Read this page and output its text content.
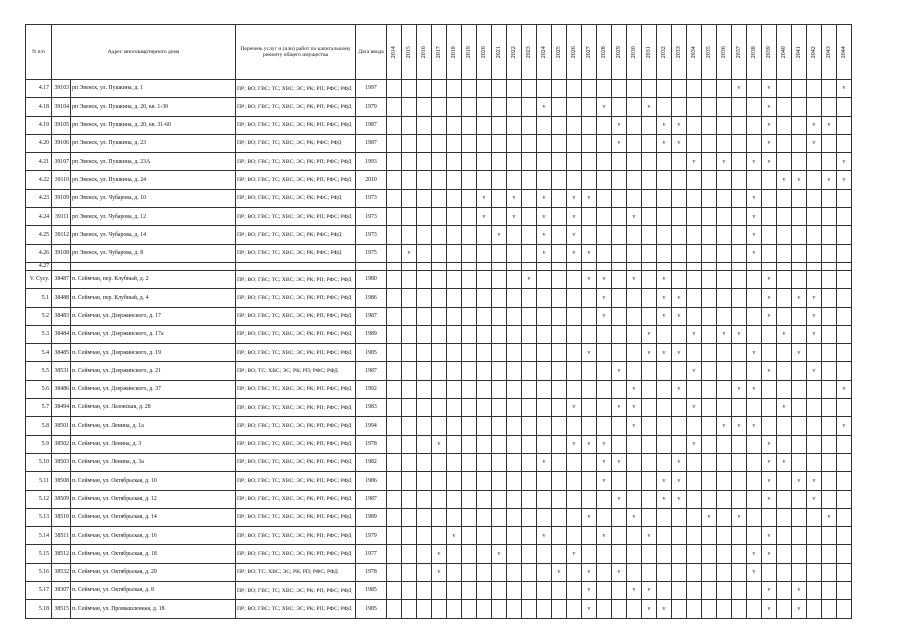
N п/п	Адрес многоквартирного дома		Перечень услуг и (или) работ по капитальному ремонту общего имущества	Дата ввода	2014	2015	2016	2017	2018	2019	2020	2021	2022	2023	2024	2025	2026	2027	2028	2029	2030	2031	2032	2033	2034	2035	2036	2037	2038	2039	2040	2041	2042	2043	2044
4.17	39103	рп Эвенск, ул. Пушкина, д. 1	ПР; ВО; ГВС; ТС; ХВС; ЭС; РК; РП; РФС; РФД	1997																								v		v					v
4.18	39104	рп Эвенск, ул. Пушкина, д. 20, кв. 1-30	ПР; ВО; ГВС; ТС; ХВС; ЭС; РК; РП; РФС; РФД	1979											v				v			v								v					
4.19	39105	рп Эвенск, ул. Пушкина, д. 20, кв. 31-60	ПР; ВО; ГВС; ТС; ХВС; ЭС; РК; РП; РФС; РФД	1987																v			v	v						v			v	v	
4.20	39106	рп Эвенск, ул. Пушкина, д. 23	ПР; ВО; ГВС; ТС; ХВС; ЭС; РК; РФС; РФД	1987																v			v	v						v			v		
4.21	39107	рп Эвенск, ул. Пушкина, д. 23А	ПР; ВО; ГВС; ТС; ХВС; ЭС; РК; РП; РФС; РФД	1993																					v		v		v	v					v
4.22	39110	рп Эвенск, ул. Пушкина, д. 24	ПР; ВО; ГВС; ТС; ХВС; ЭС; РК; РП; РФС; РФД	2010																											v	v		v	v
4.23	39109	рп Эвенск, ул. Чубарова, д. 10	ПР; ВО; ГВС; ТС; ХВС; ЭС; РК; РФС; РФД	1973							v		v		v		v	v											v						
4.24	39111	рп Эвенск, ул. Чубарова, д. 12	ПР; ВО; ГВС; ТС; ХВС; ЭС; РК; РП; РФС; РФД	1973							v		v		v		v				v								v						
4.25	39112	рп Эвенск, ул. Чубарова, д. 14	ПР; ВО; ГВС; ТС; ХВС; ЭС; РК; РФС; РФД	1973								v			v		v												v						
4.26	39108	рп Эвенск, ул. Чубарова, д. 8	ПР; ВО; ГВС; ТС; ХВС; ЭС; РК; РФС; РФД	1975		v									v		v	v											v						
4.27																																			
V. Сусу.	38487	п. Сеймчан, пер. Клубный, д. 2	ПР; ВО; ГВС; ТС; ХВС; ЭС; РК; РП; РФС; РФД	1980										v				v	v		v		v							v					
5.1	38488	п. Сеймчан, пер. Клубный, д. 4	ПР; ВО; ГВС; ТС; ХВС; ЭС; РК; РП; РФС; РФД	1986															v				v	v						v		v	v		
5.2	38483	п. Сеймчан, ул. Дзержинского, д. 17	ПР; ВО; ГВС; ТС; ХВС; ЭС; РК; РП; РФС; РФД	1987															v				v	v						v			v		
5.3	38484	п. Сеймчан, ул. Дзержинского, д. 17а	ПР; ВО; ГВС; ТС; ХВС; ЭС; РК; РП; РФС; РФД	1989																		v			v		v	v			v		v		
5.4	38485	п. Сеймчан, ул. Дзержинского, д. 19	ПР; ВО; ГВС; ТС; ХВС; ЭС; РК; РП; РФС; РФД	1985														v				v	v	v					v			v			
5.5	38531	п. Сеймчан, ул. Дзержинского, д. 21	ПР; ВО; ТС; ХВС; ЭС; РК; РП; РФС; РФД	1987																v					v					v			v		
5.6	38486	п. Сеймчан, ул. Дзержинского, д. 37	ПР; ВО; ГВС; ТС; ХВС; ЭС; РК; РП; РФС; РФД	1992																	v			v				v	v						v
5.7	38494	п. Сеймчан, ул. Лазовская, д. 28	ПР; ВО; ГВС; ТС; ХВС; ЭС; РК; РП; РФС; РФД	1983													v			v	v				v						v				
5.8	38501	п. Сеймчан, ул. Ленина, д. 1а	ПР; ВО; ГВС; ТС; ХВС; ЭС; РК; РП; РФС; РФД	1994																	v						v	v	v						v
5.9	38502	п. Сеймчан, ул. Ленина, д. 3	ПР; ВО; ГВС; ТС; ХВС; ЭС; РК; РП; РФС; РФД	1978				v									v	v	v						v					v					
5.10	38503	п. Сеймчан, ул. Ленина, д. 3а	ПР; ВО; ГВС; ТС; ХВС; ЭС; РК; РП; РФС; РФД	1982											v				v	v				v						v	v				
5.11	38508	п. Сеймчан, ул. Октябрьская, д. 10	ПР; ВО; ГВС; ТС; ХВС; ЭС; РК; РП; РФС; РФД	1986															v				v	v						v		v	v		
5.12	38509	п. Сеймчан, ул. Октябрьская, д. 12	ПР; ВО; ГВС; ТС; ХВС; ЭС; РК; РП; РФС; РФД	1987																v			v	v						v			v		
5.13	38510	п. Сеймчан, ул. Октябрьская, д. 14	ПР; ВО; ГВС; ТС; ХВС; ЭС; РК; РП; РФС; РФД	1989														v			v					v		v						v	
5.14	38511	п. Сеймчан, ул. Октябрьская, д. 16	ПР; ВО; ГВС; ТС; ХВС; ЭС; РК; РП; РФС; РФД	1979					v						v				v			v								v					
5.15	38512	п. Сеймчан, ул. Октябрьская, д. 18	ПР; ВО; ГВС; ТС; ХВС; ЭС; РК; РП; РФС; РФД	1977				v				v					v												v	v					
5.16	38532	п. Сеймчан, ул. Октябрьская, д. 20	ПР; ВО; ТС; ХВС; ЭС; РК; РП; РФС; РФД	1978				v								v		v		v									v						
5.17	38307	п. Сеймчан, ул. Октябрьская, д. 8	ПР; ВО; ГВС; ТС; ХВС; ЭС; РК; РП; РФС; РФД	1985														v			v	v								v		v			
5.18	38515	п. Сеймчан, ул. Промышленная, д. 18	ПР; ВО; ГВС; ТС; ХВС; ЭС; РК; РП; РФС; РФД	1985														v				v	v							v		v			
